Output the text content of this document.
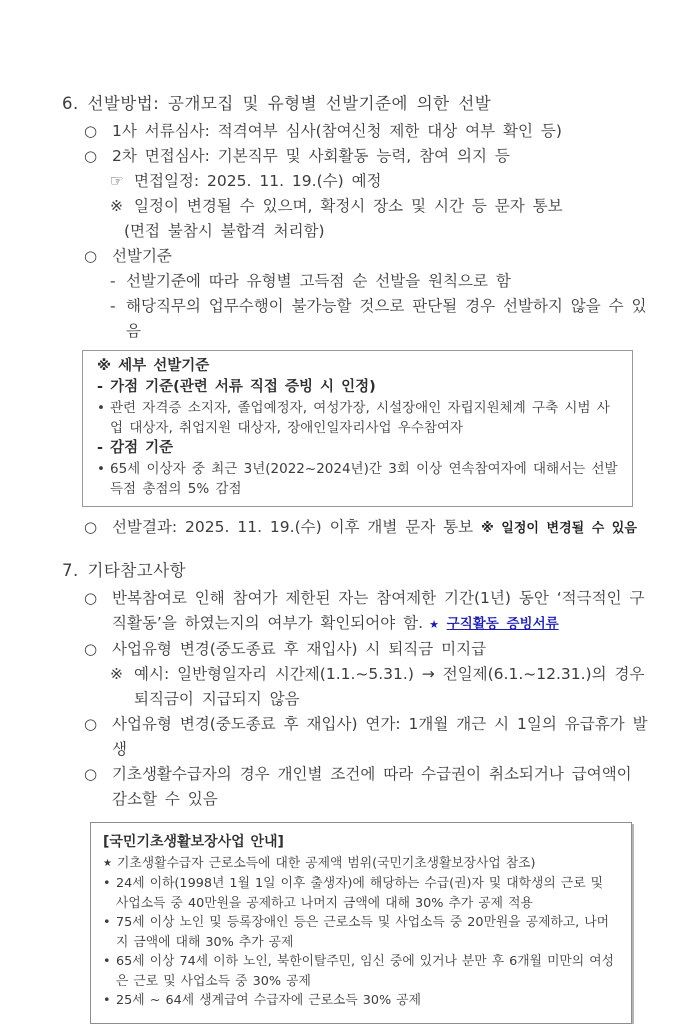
6. 선발방법: 공개모집 및 유형별 선발기준에 의한 선발
○ 1사 서류심사: 적격여부 심사(참여신청 제한 대상 여부 확인 등)
○ 2차 면접심사: 기본직무 및 사회활동 능력, 참여 의지 등
☞ 면접일정: 2025. 11. 19.(수) 예정
※ 일정이 변경될 수 있으며, 확정시 장소 및 시간 등 문자 통보
(면접 불참시 불합격 처리함)
○ 선발기준
- 선발기준에 따라 유형별 고득점 순 선발을 원칙으로 함
- 해당직무의 업무수행이 불가능할 것으로 판단될 경우 선발하지 않을 수 있음
※ 세부 선발기준
- 가점 기준(관련 서류 직접 증빙 시 인정)
• 관련 자격증 소지자, 졸업예정자, 여성가장, 시설장애인 자립지원체계 구축 시범 사업 대상자, 취업지원 대상자, 장애인일자리사업 우수참여자
- 감점 기준
• 65세 이상자 중 최근 3년(2022~2024년)간 3회 이상 연속참여자에 대해서는 선발 득점 총점의 5% 감점
○ 선발결과: 2025. 11. 19.(수) 이후 개별 문자 통보 ※ 일정이 변경될 수 있음
7. 기타참고사항
○ 반복참여로 인해 참여가 제한된 자는 참여제한 기간(1년) 동안 ‘적극적인 구직활동’을 하였는지의 여부가 확인되어야 함. ★ 구직활동 증빙서류
○ 사업유형 변경(중도종료 후 재입사) 시 퇴직금 미지급
※ 예시: 일반형일자리 시간제(1.1.~5.31.) → 전일제(6.1.~12.31.)의 경우 퇴직금이 지급되지 않음
○ 사업유형 변경(중도종료 후 재입사) 연가: 1개월 개근 시 1일의 유급휴가 발생
○ 기초생활수급자의 경우 개인별 조건에 따라 수급권이 취소되거나 급여액이 감소할 수 있음
[국민기초생활보장사업 안내]
★ 기초생활수급자 근로소득에 대한 공제액 범위(국민기초생활보장사업 참조)
• 24세 이하(1998년 1월 1일 이후 출생자)에 해당하는 수급(권)자 및 대학생의 근로 및 사업소득 중 40만원을 공제하고 나머지 금액에 대해 30% 추가 공제 적용
• 75세 이상 노인 및 등록장애인 등은 근로소득 및 사업소득 중 20만원을 공제하고, 나머지 금액에 대해 30% 추가 공제
• 65세 이상 74세 이하 노인, 북한이탈주민, 임신 중에 있거나 분만 후 6개월 미만의 여성은 근로 및 사업소득 중 30% 공제
• 25세 ~ 64세 생계급여 수급자에 근로소득 30% 공제
